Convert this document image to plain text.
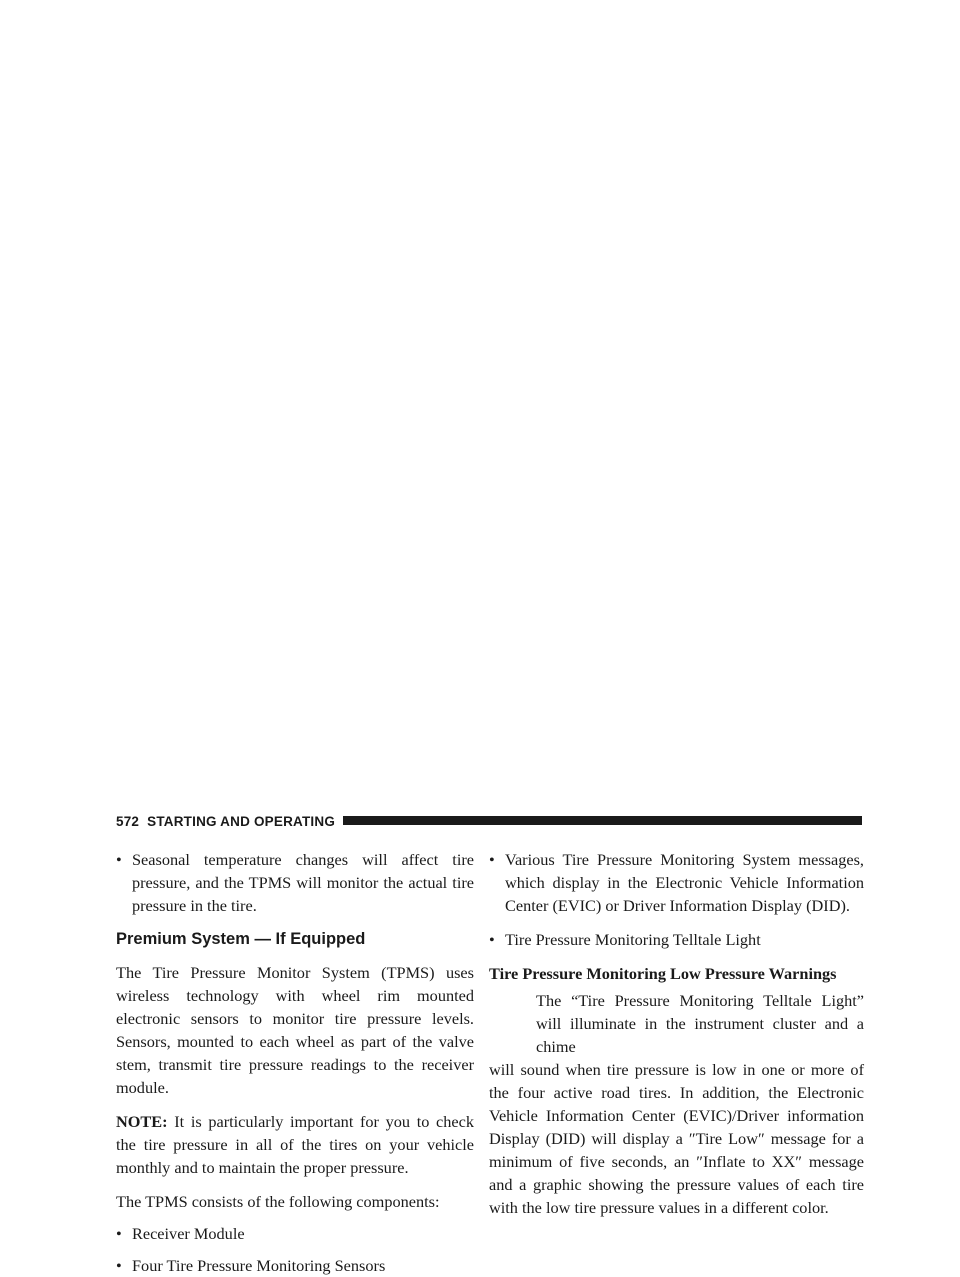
572 STARTING AND OPERATING
• Seasonal temperature changes will affect tire pressure, and the TPMS will monitor the actual tire pressure in the tire.
Premium System — If Equipped

The Tire Pressure Monitor System (TPMS) uses wireless technology with wheel rim mounted electronic sensors to monitor tire pressure levels. Sensors, mounted to each wheel as part of the valve stem, transmit tire pressure readings to the receiver module.

NOTE: It is particularly important for you to check the tire pressure in all of the tires on your vehicle monthly and to maintain the proper pressure.

The TPMS consists of the following components:

• Receiver Module
• Four Tire Pressure Monitoring Sensors
• Various Tire Pressure Monitoring System messages, which display in the Electronic Vehicle Information Center (EVIC) or Driver Information Display (DID).
• Tire Pressure Monitoring Telltale Light

Tire Pressure Monitoring Low Pressure Warnings

The “Tire Pressure Monitoring Telltale Light” will illuminate in the instrument cluster and a chime

will sound when tire pressure is low in one or more of the four active road tires. In addition, the Electronic Vehicle Information Center (EVIC)/Driver information Display (DID) will display a ″Tire Low″ message for a minimum of five seconds, an ″Inflate to XX″ message and a graphic showing the pressure values of each tire with the low tire pressure values in a different color.
